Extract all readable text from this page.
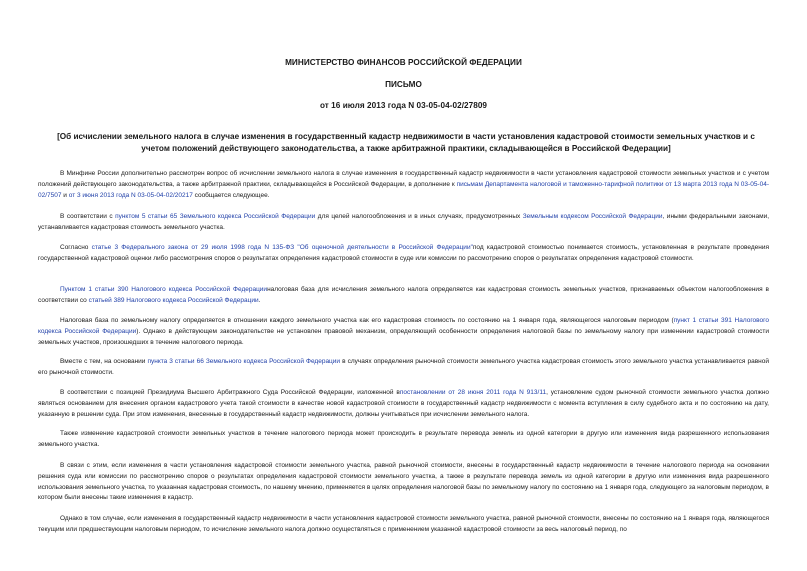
МИНИСТЕРСТВО ФИНАНСОВ РОССИЙСКОЙ ФЕДЕРАЦИИ
ПИСЬМО
от 16 июля 2013 года N 03-05-04-02/27809
[Об исчислении земельного налога в случае изменения в государственный кадастр недвижимости в части установления кадастровой стоимости земельных участков и с учетом положений действующего законодательства, а также арбитражной практики, складывающейся в Российской Федерации]

В Минфине России дополнительно рассмотрен вопрос об исчислении земельного налога в случае изменения в государственный кадастр недвижимости в части установления кадастровой стоимости земельных участков и с учетом положений действующего законодательства, а также арбитражной практики, складывающейся в Российской Федерации, в дополнение к письмам Департамента налоговой и таможенно-тарифной политики от 13 марта 2013 года N 03-05-04-02/7507 и от 3 июня 2013 года N 03-05-04-02/20217 сообщается следующее.

В соответствии с пунктом 5 статьи 65 Земельного кодекса Российской Федерации для целей налогообложения и в иных случаях, предусмотренных Земельным кодексом Российской Федерации, иными федеральными законами, устанавливается кадастровая стоимость земельного участка.

Согласно статье 3 Федерального закона от 29 июля 1998 года N 135-ФЗ "Об оценочной деятельности в Российской Федерации"под кадастровой стоимостью понимается стоимость, установленная в результате проведения государственной кадастровой оценки либо рассмотрения споров о результатах определения кадастровой стоимости в суде или комиссии по рассмотрению споров о результатах определения кадастровой стоимости.

Пунктом 1 статьи 390 Налогового кодекса Российской Федерацииналоговая база для исчисления земельного налога определяется как кадастровая стоимость земельных участков, признаваемых объектом налогообложения в соответствии со статьей 389 Налогового кодекса Российской Федерации.

Налоговая база по земельному налогу определяется в отношении каждого земельного участка как его кадастровая стоимость по состоянию на 1 января года, являющегося налоговым периодом (пункт 1 статьи 391 Налогового кодекса Российской Федерации). Однако в действующем законодательстве не установлен правовой механизм, определяющий особенности определения налоговой базы по земельному налогу при изменении кадастровой стоимости земельных участков, произошедших в течение налогового периода.

Вместе с тем, на основании пункта 3 статьи 66 Земельного кодекса Российской Федерации в случаях определения рыночной стоимости земельного участка кадастровая стоимость этого земельного участка устанавливается равной его рыночной стоимости.

В соответствии с позицией Президиума Высшего Арбитражного Суда Российской Федерации, изложенной впостановлении от 28 июня 2011 года N 913/11, установление судом рыночной стоимости земельного участка должно являться основанием для внесения органом кадастрового учета такой стоимости в качестве новой кадастровой стоимости в государственный кадастр недвижимости с момента вступления в силу судебного акта и по состоянию на дату, указанную в решении суда. При этом изменения, внесенные в государственный кадастр недвижимости, должны учитываться при исчислении земельного налога.

Также изменение кадастровой стоимости земельных участков в течение налогового периода может происходить в результате перевода земель из одной категории в другую или изменения вида разрешенного использования земельного участка.

В связи с этим, если изменения в части установления кадастровой стоимости земельного участка, равной рыночной стоимости, внесены в государственный кадастр недвижимости в течение налогового периода на основании решения суда или комиссии по рассмотрению споров о результатах определения кадастровой стоимости земельного участка, а также в результате перевода земель из одной категории в другую или изменения вида разрешенного использования земельного участка, то указанная кадастровая стоимость, по нашему мнению, применяется в целях определения налоговой базы по земельному налогу по состоянию на 1 января года, следующего за налоговым периодом, в котором были внесены такие изменения в кадастр.

Однако в том случае, если изменения в государственный кадастр недвижимости в части установления кадастровой стоимости земельного участка, равной рыночной стоимости, внесены по состоянию на 1 января года, являющегося текущим или предшествующим налоговым периодом, то исчисление земельного налога должно осуществляться с применением указанной кадастровой стоимости за весь налоговый период, по
